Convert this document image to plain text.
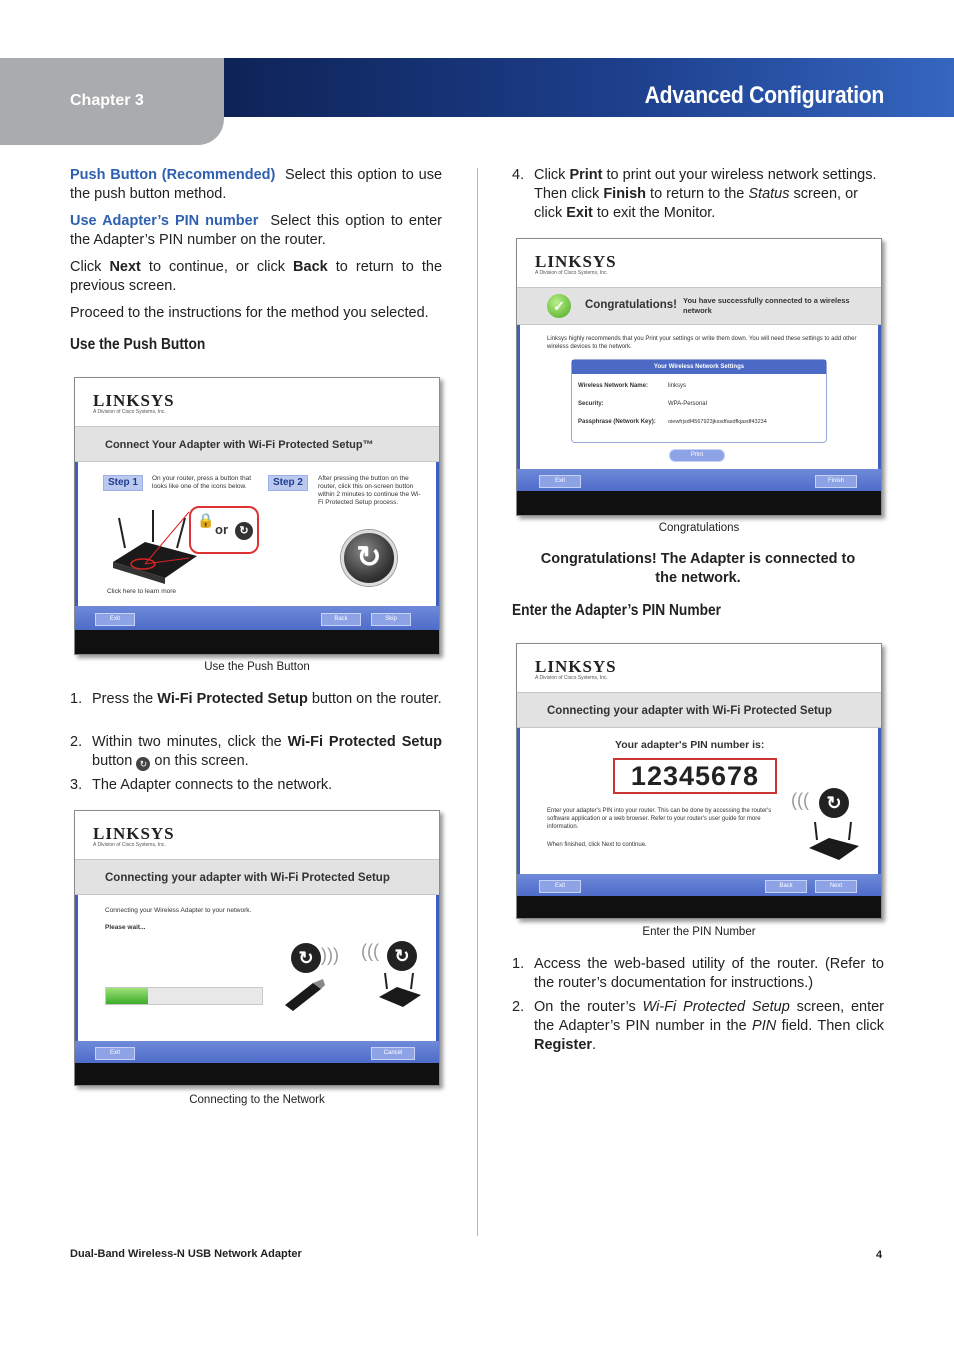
Chapter 3	Advanced Configuration
Push Button (Recommended) Select this option to use the push button method.
Use Adapter’s PIN number Select this option to enter the Adapter’s PIN number on the router.
Click Next to continue, or click Back to return to the previous screen.
Proceed to the instructions for the method you selected.
Use the Push Button
LINKSYS
A Division of Cisco Systems, Inc.
Connect Your Adapter with Wi-Fi Protected Setup™
Step 1	On your router, press a button that looks like one of the icons below.	Step 2	After pressing the button on the router, click this on-screen button within 2 minutes to continue the Wi-Fi Protected Setup process.
🔒
or	↻
↻
Click here to learn more
Exit	Back	Skip
Use the Push Button
1. Press the Wi-Fi Protected Setup button on the router.
2. Within two minutes, click the Wi-Fi Protected Setup button ↻ on this screen.
3. The Adapter connects to the network.
LINKSYS
A Division of Cisco Systems, Inc.
Connecting your adapter with Wi-Fi Protected Setup
Connecting your Wireless Adapter to your network.
Please wait...
↻ ))) ((( ↻
Exit	Cancel
Connecting to the Network
4. Click Print to print out your wireless network settings. Then click Finish to return to the Status screen, or click Exit to exit the Monitor.
LINKSYS
A Division of Cisco Systems, Inc.
✓	Congratulations! You have successfully connected to a wireless network
Linksys highly recommends that you Print your settings or write them down. You will need these settings to add other wireless devices to the network.
Your Wireless Network Settings
Wireless Network Name:	linksys
Security:	WPA-Personal
Passphrase (Network Key): oiewfrjsdf4567923jkssdfasdfkjasdf43234
Print
Exit	Finish
Congratulations
Congratulations! The Adapter is connected to the network.
Enter the Adapter’s PIN Number
LINKSYS
A Division of Cisco Systems, Inc.
Connecting your adapter with Wi-Fi Protected Setup
Your adapter's PIN number is:
12345678
Enter your adapter's PIN into your router. This can be done by accessing the router's software application or a web browser. Refer to your router's user guide for more information.
When finished, click Next to continue.
((( ↻
Exit	Back	Next
Enter the PIN Number
1. Access the web-based utility of the router. (Refer to the router’s documentation for instructions.)
2. On the router’s Wi-Fi Protected Setup screen, enter the Adapter’s PIN number in the PIN field. Then click Register.
Dual-Band Wireless-N USB Network Adapter	4
